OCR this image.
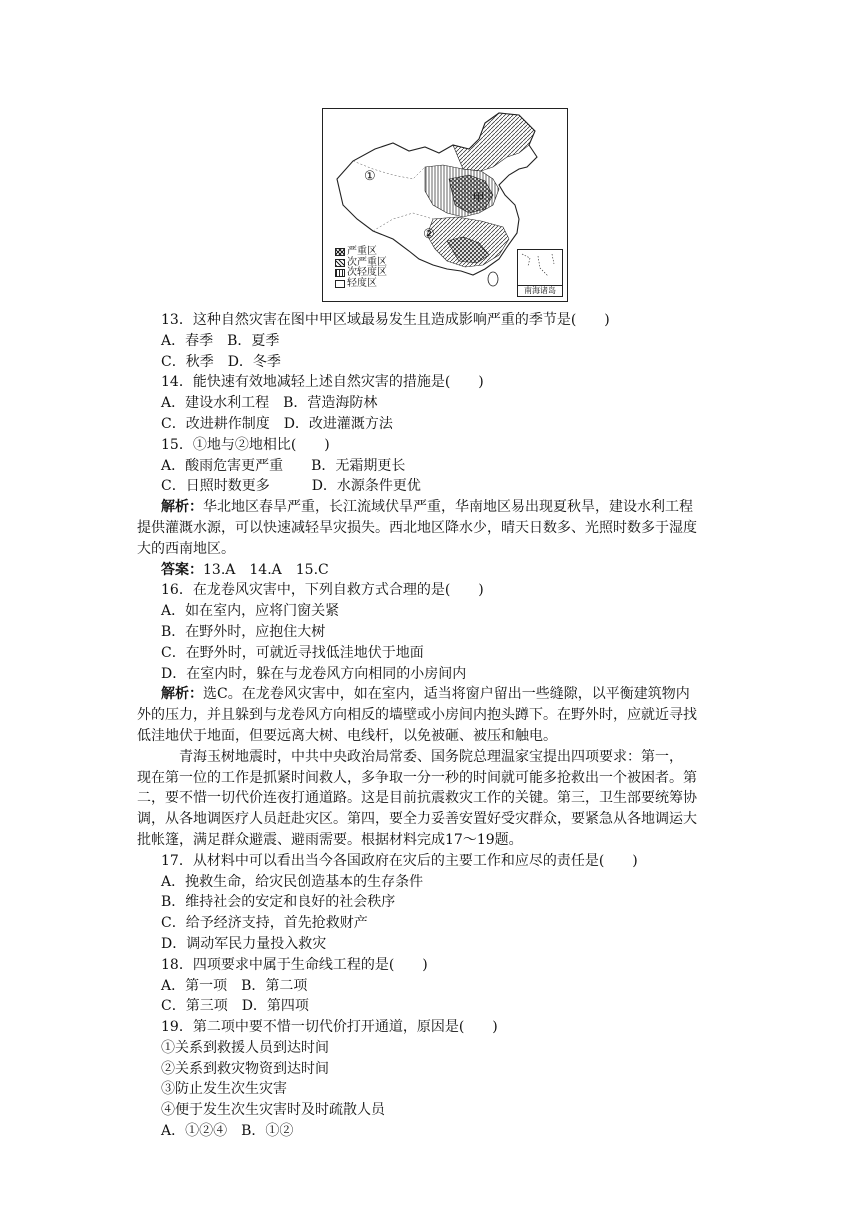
①
②
甲
严重区
次严重区
次轻度区
轻度区
南海诸岛
13．这种自然灾害在图中甲区域最易发生且造成影响严重的季节是(　　)
A．春季　B．夏季
C．秋季　D．冬季
14．能快速有效地减轻上述自然灾害的措施是(　　)
A．建设水利工程　B．营造海防林
C．改进耕作制度　D．改进灌溉方法
15．①地与②地相比(　　)
A．酸雨危害更严重　　B．无霜期更长
C．日照时数更多　　　D．水源条件更优
解析：华北地区春旱严重，长江流域伏旱严重，华南地区易出现夏秋旱，建设水利工程
提供灌溉水源，可以快速减轻旱灾损失。西北地区降水少，晴天日数多、光照时数多于湿度
大的西南地区。
答案：13.A　14.A　15.C
16．在龙卷风灾害中，下列自救方式合理的是(　　)
A．如在室内，应将门窗关紧
B．在野外时，应抱住大树
C．在野外时，可就近寻找低洼地伏于地面
D．在室内时，躲在与龙卷风方向相同的小房间内
解析：选C。在龙卷风灾害中，如在室内，适当将窗户留出一些缝隙，以平衡建筑物内
外的压力，并且躲到与龙卷风方向相反的墙壁或小房间内抱头蹲下。在野外时，应就近寻找
低洼地伏于地面，但要远离大树、电线杆，以免被砸、被压和触电。
　　　青海玉树地震时，中共中央政治局常委、国务院总理温家宝提出四项要求：第一，
现在第一位的工作是抓紧时间救人，多争取一分一秒的时间就可能多抢救出一个被困者。第
二，要不惜一切代价连夜打通道路。这是目前抗震救灾工作的关键。第三，卫生部要统筹协
调，从各地调医疗人员赶赴灾区。第四，要全力妥善安置好受灾群众，要紧急从各地调运大
批帐篷，满足群众避震、避雨需要。根据材料完成17～19题。
17．从材料中可以看出当今各国政府在灾后的主要工作和应尽的责任是(　　)
A．挽救生命，给灾民创造基本的生存条件
B．维持社会的安定和良好的社会秩序
C．给予经济支持，首先抢救财产
D．调动军民力量投入救灾
18．四项要求中属于生命线工程的是(　　)
A．第一项　B．第二项
C．第三项　D．第四项
19．第二项中要不惜一切代价打开通道，原因是(　　)
①关系到救援人员到达时间
②关系到救灾物资到达时间
③防止发生次生灾害
④便于发生次生灾害时及时疏散人员
A．①②④　B．①②
